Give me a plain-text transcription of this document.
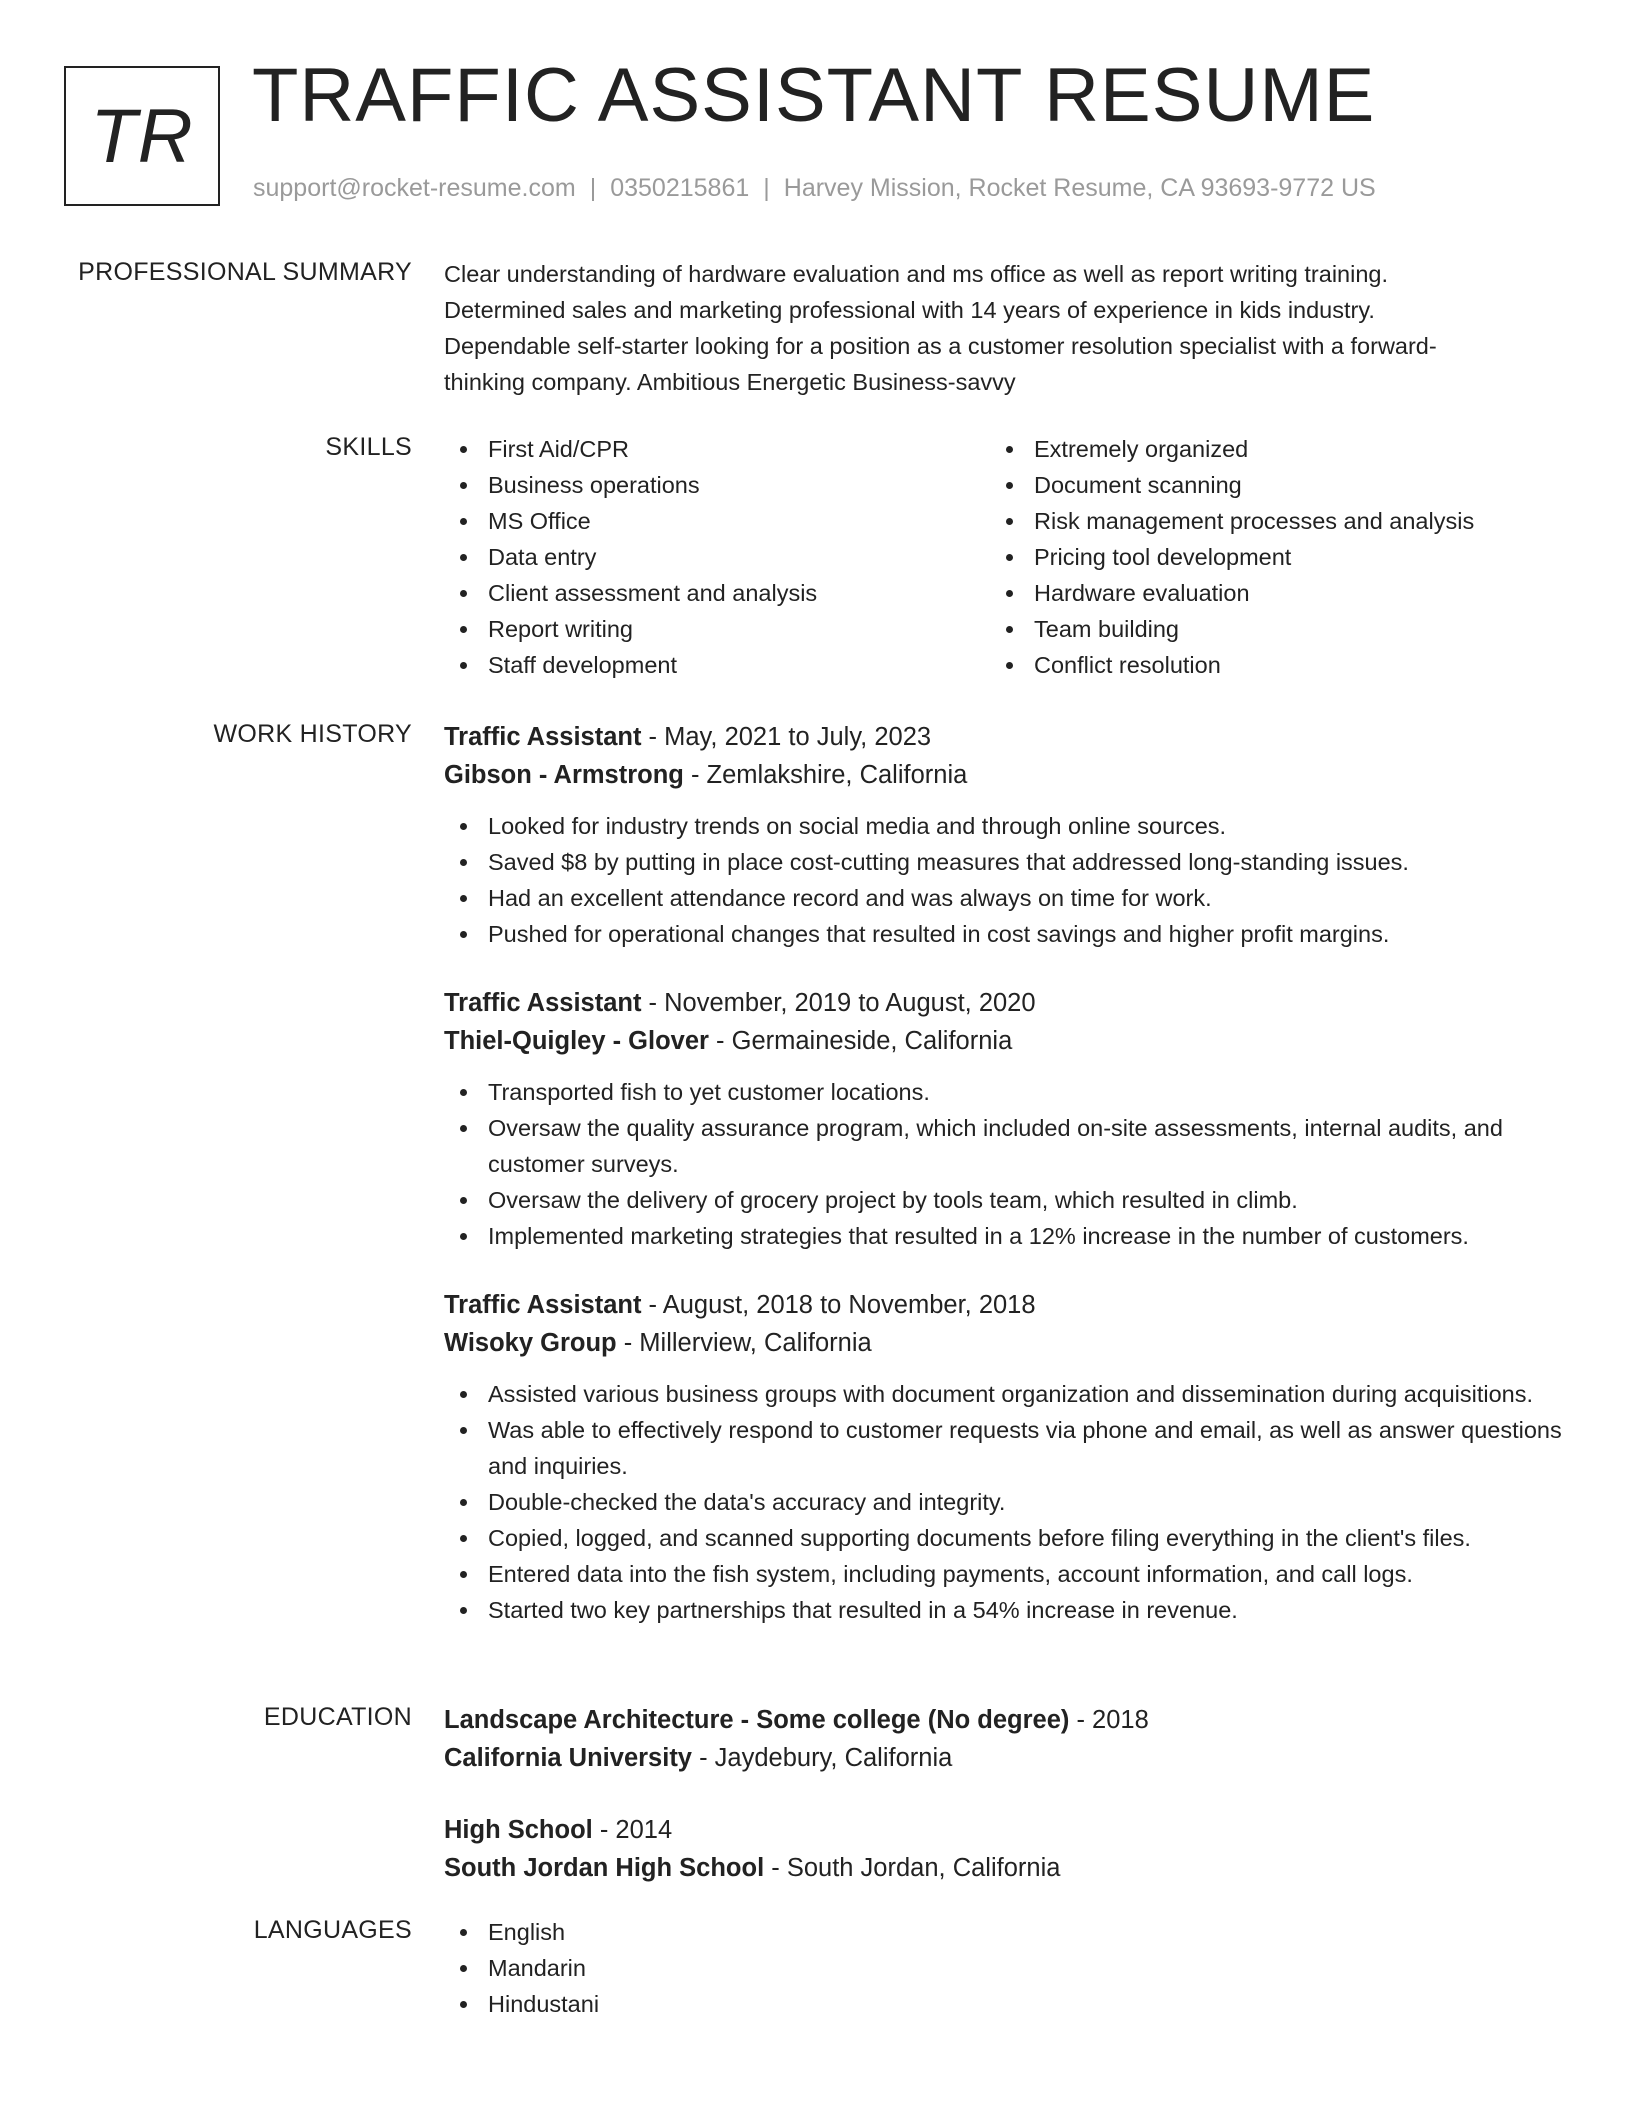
TR TRAFFIC ASSISTANT RESUME
support@rocket-resume.com | 0350215861 | Harvey Mission, Rocket Resume, CA 93693-9772 US
PROFESSIONAL SUMMARY Clear understanding of hardware evaluation and ms office as well as report writing training.
Determined sales and marketing professional with 14 years of experience in kids industry.
Dependable self-starter looking for a position as a customer resolution specialist with a forward-
thinking company. Ambitious Energetic Business-savvy
SKILLS	First Aid/CPR
Business operations
MS Office
Data entry
Client assessment and analysis
Report writing
Staff development
Extremely organized
Document scanning
Risk management processes and analysis
Pricing tool development
Hardware evaluation
Team building
Conflict resolution
WORK HISTORY Traffic Assistant - May, 2021 to July, 2023
Gibson - Armstrong - Zemlakshire, California
Looked for industry trends on social media and through online sources.
Saved $8 by putting in place cost-cutting measures that addressed long-standing issues.
Had an excellent attendance record and was always on time for work.
Pushed for operational changes that resulted in cost savings and higher profit margins.
Traffic Assistant - November, 2019 to August, 2020
Thiel-Quigley - Glover - Germaineside, California
Transported fish to yet customer locations.
Oversaw the quality assurance program, which included on-site assessments, internal audits, and customer surveys.
Oversaw the delivery of grocery project by tools team, which resulted in climb.
Implemented marketing strategies that resulted in a 12% increase in the number of customers.
Traffic Assistant - August, 2018 to November, 2018
Wisoky Group - Millerview, California
Assisted various business groups with document organization and dissemination during acquisitions.
Was able to effectively respond to customer requests via phone and email, as well as answer questions and inquiries.
Double-checked the data's accuracy and integrity.
Copied, logged, and scanned supporting documents before filing everything in the client's files.
Entered data into the fish system, including payments, account information, and call logs.
Started two key partnerships that resulted in a 54% increase in revenue.
EDUCATION Landscape Architecture - Some college (No degree) - 2018
California University - Jaydebury, California
High School - 2014
South Jordan High School - South Jordan, California
LANGUAGES	English
Mandarin
Hindustani
